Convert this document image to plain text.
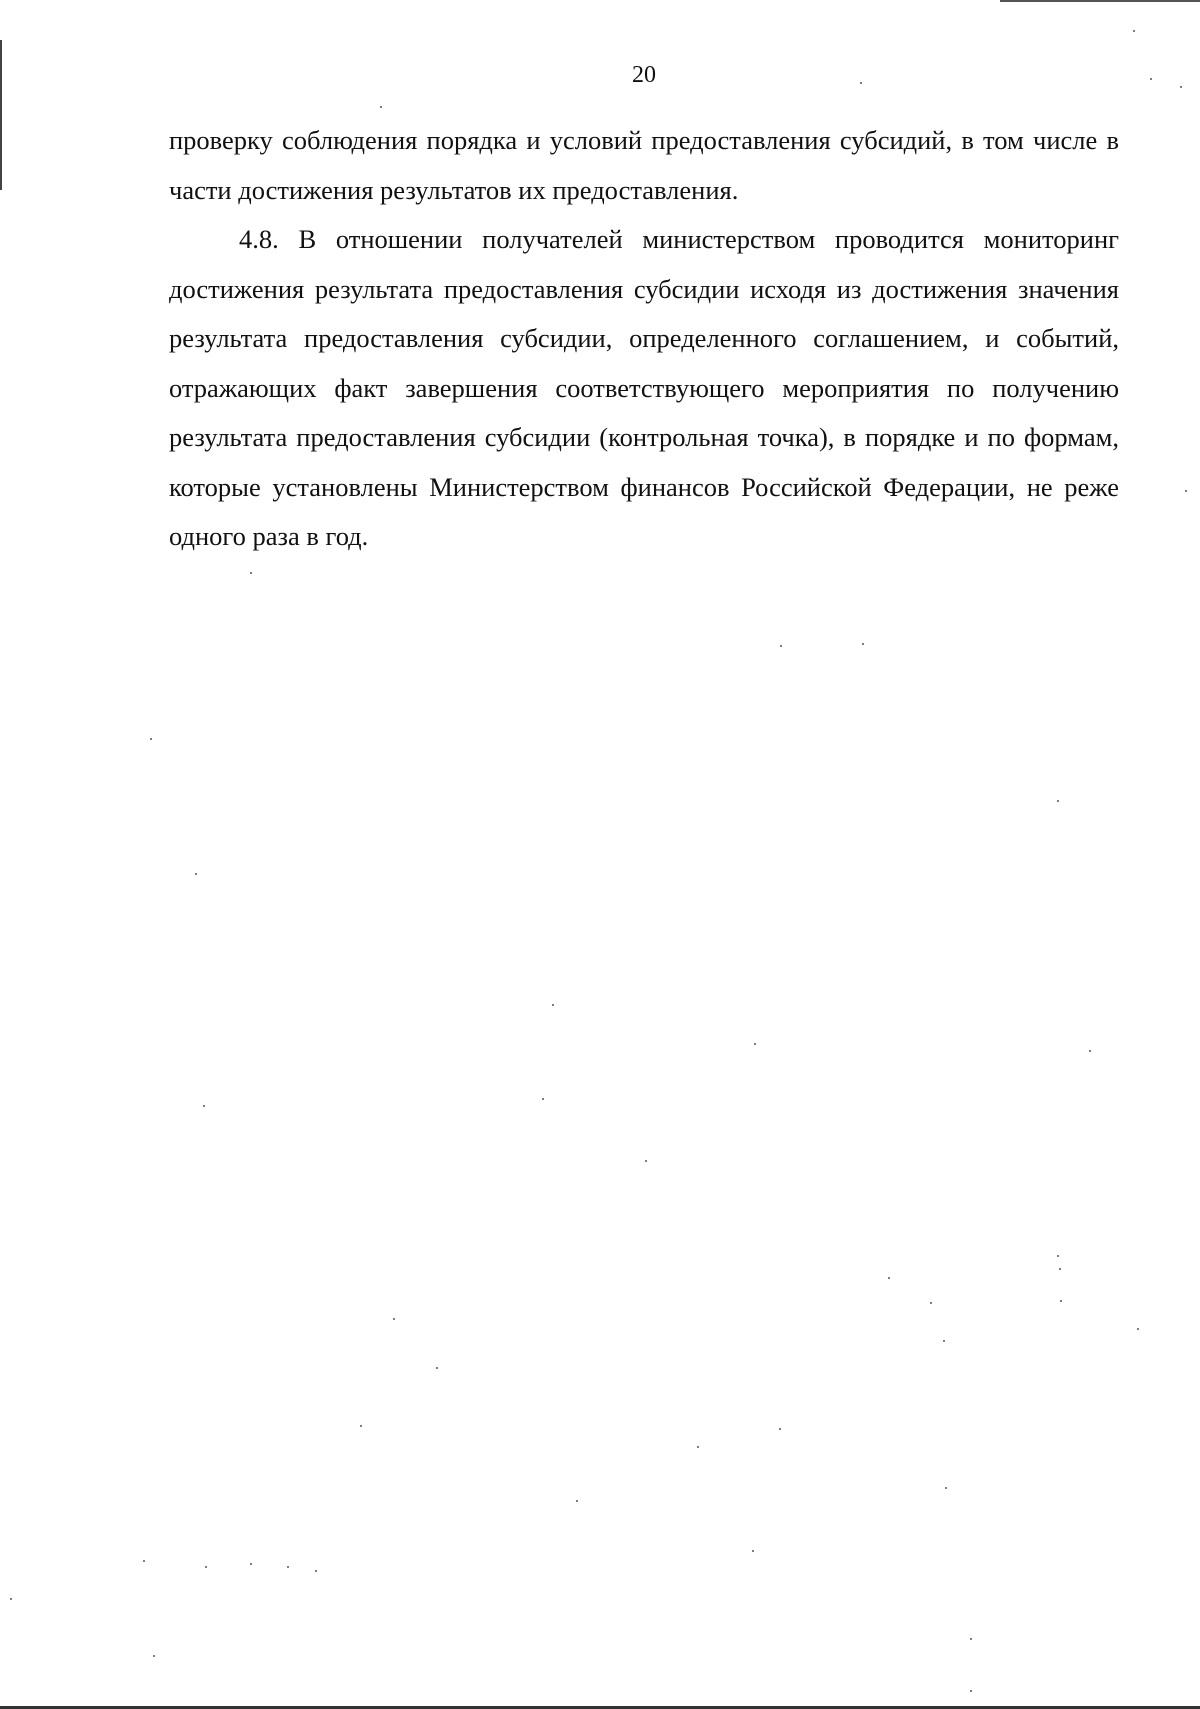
20

проверку соблюдения порядка и условий предоставления субсидий, в том числе в части достижения результатов их предоставления.

4.8. В отношении получателей министерством проводится мониторинг достижения результата предоставления субсидии исходя из достижения значения результата предоставления субсидии, определенного соглашением, и событий, отражающих факт завершения соответствующего мероприятия по получению результата предоставления субсидии (контрольная точка), в порядке и по формам, которые установлены Министерством финансов Российской Федерации, не реже одного раза в год.
